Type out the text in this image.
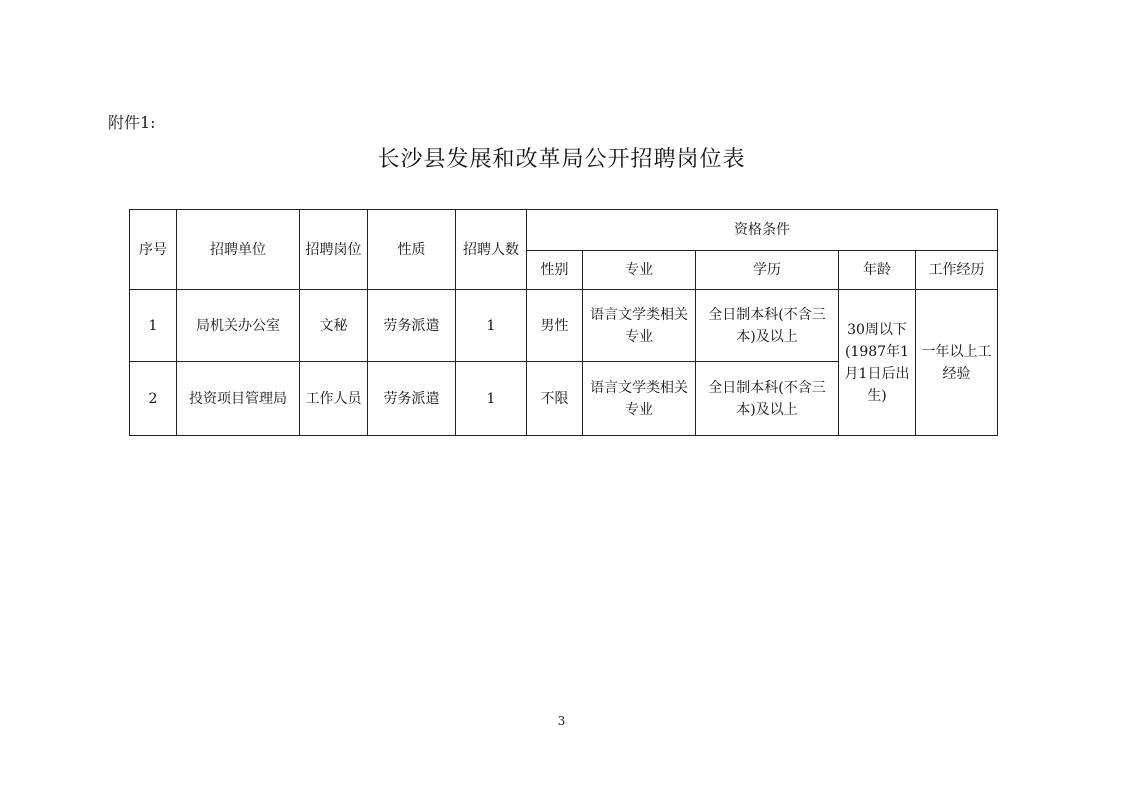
附件1:
长沙县发展和改革局公开招聘岗位表
序号	招聘单位	招聘岗位	性质	招聘人数	资格条件				
					性别	专业	学历	年龄	工作经历
1	局机关办公室	文秘	劳务派遣	1	男性	语言文学类相关专业	全日制本科(不含三本)及以上	30周以下(1987年1月1日后出生)	一年以上工经验
2	投资项目管理局	工作人员	劳务派遣	1	不限	语言文学类相关专业	全日制本科(不含三本)及以上		
3
